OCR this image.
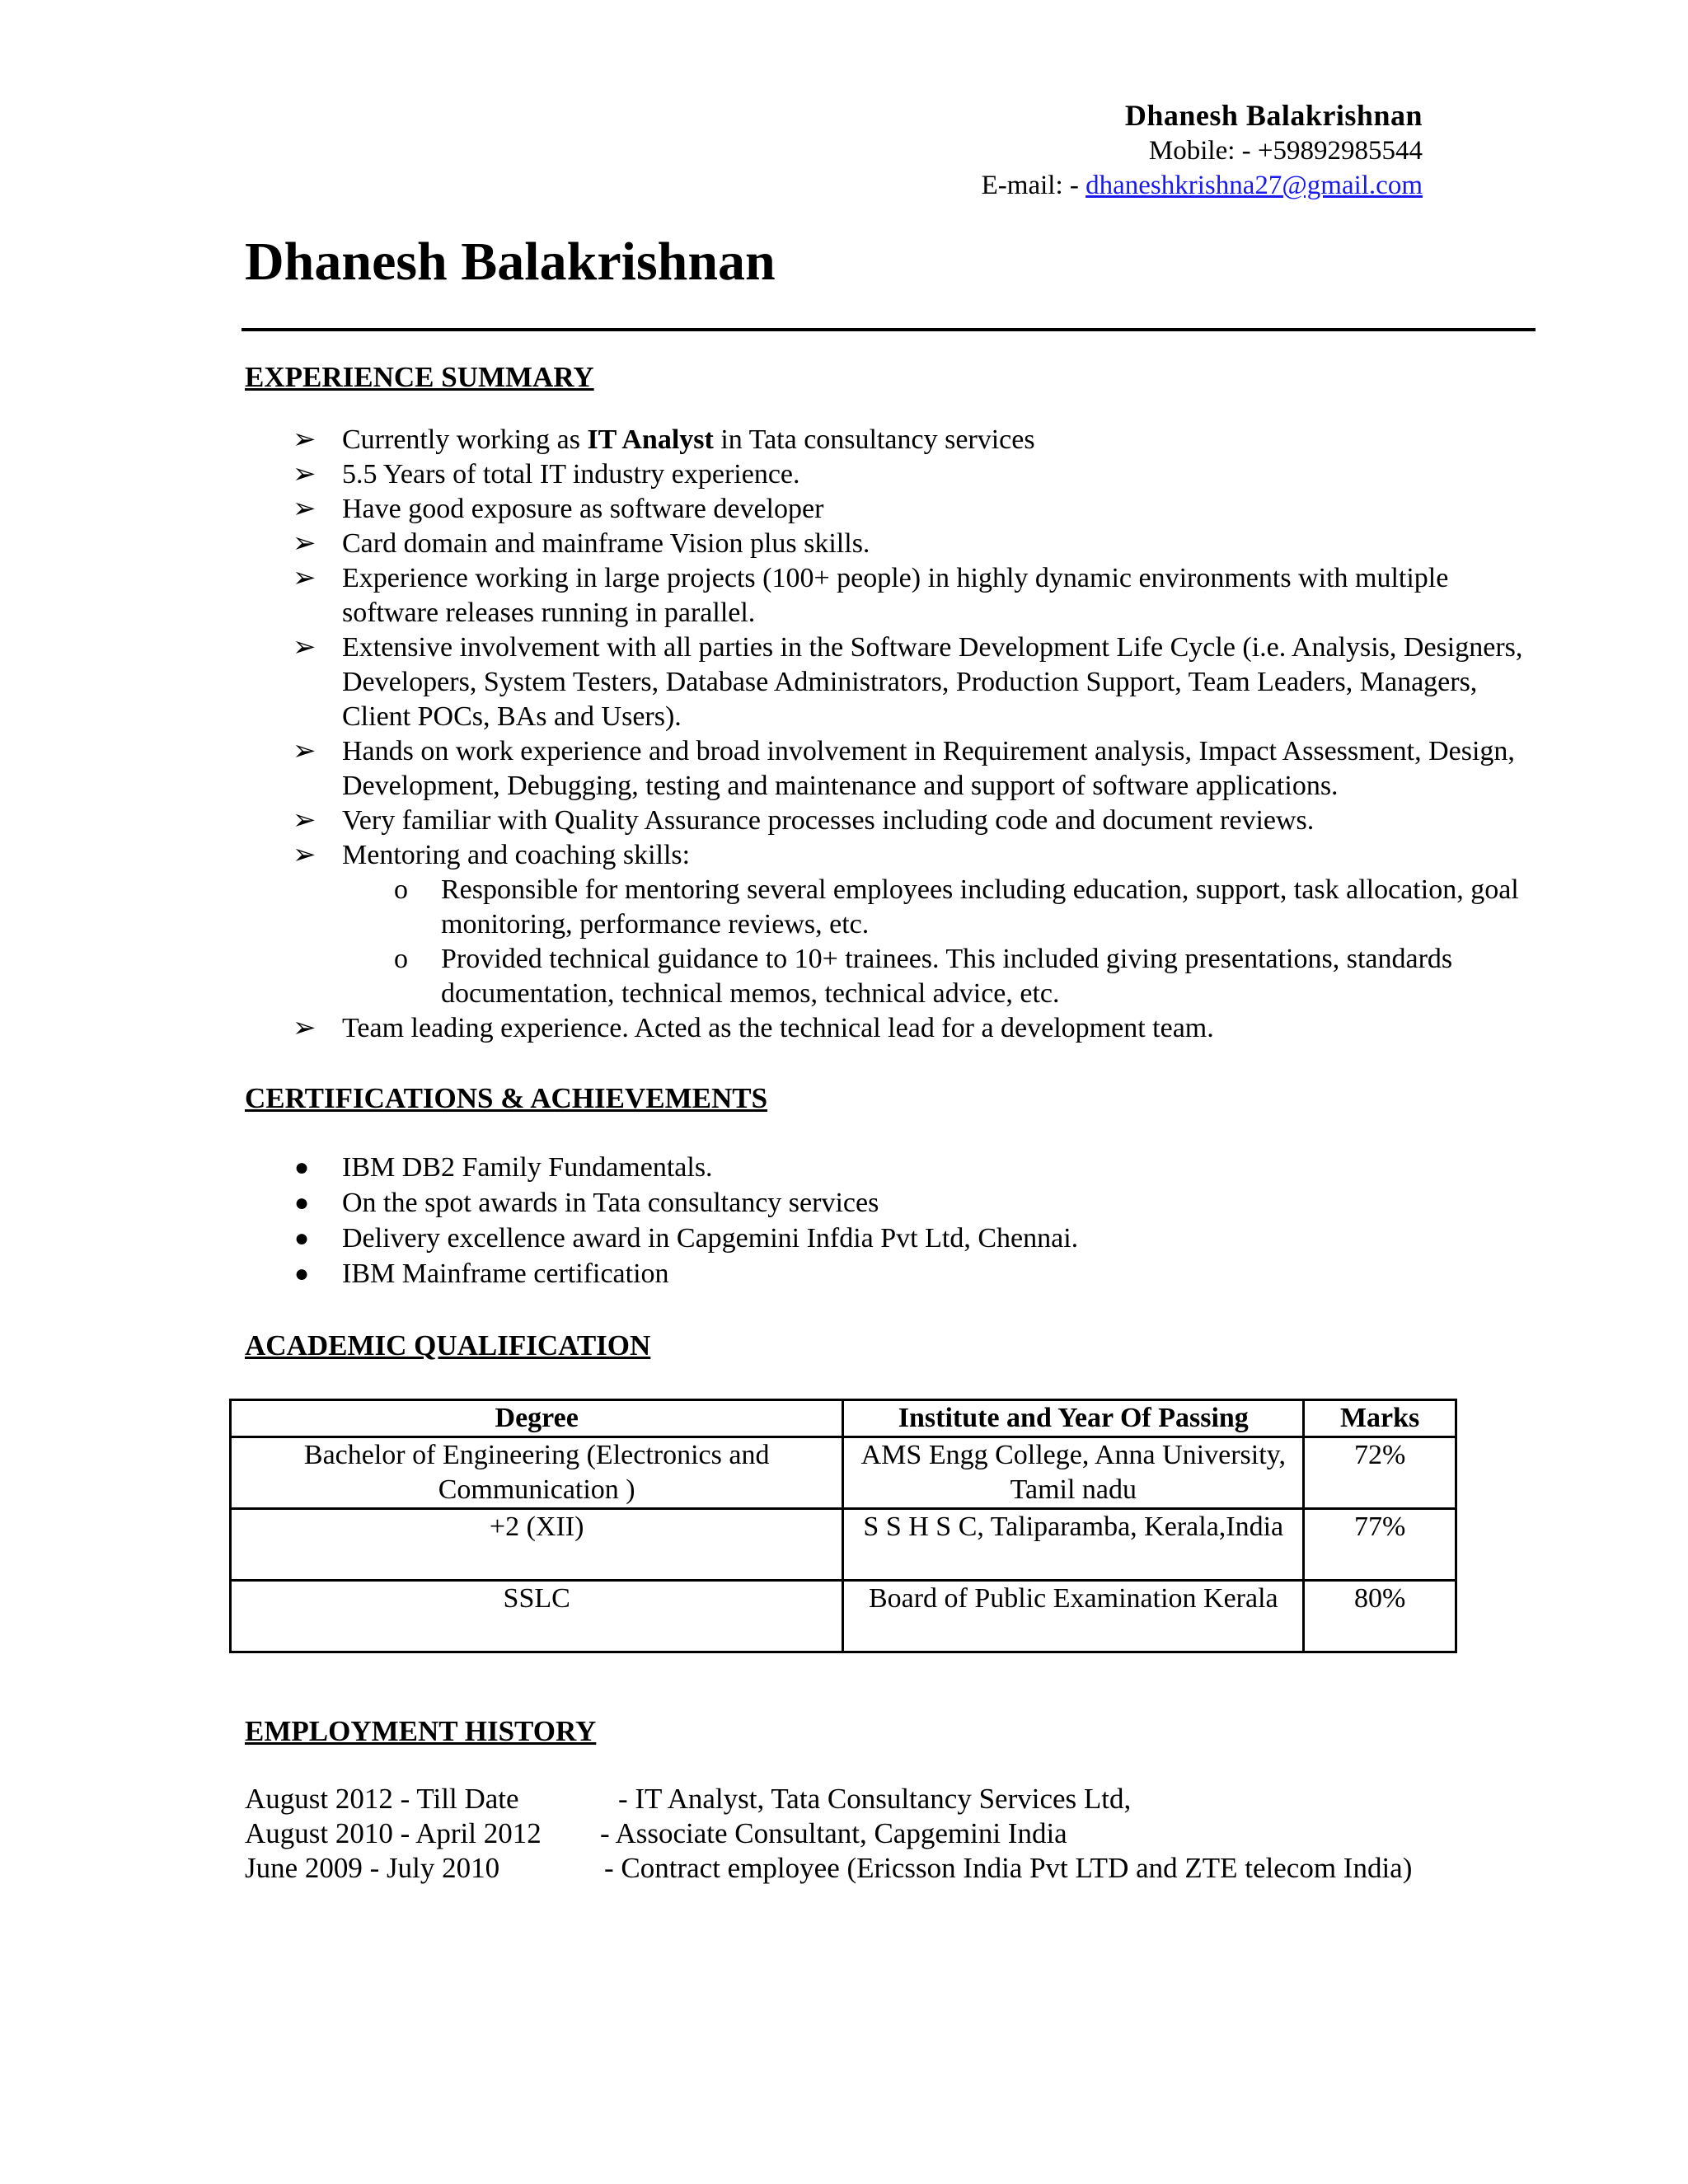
Dhanesh Balakrishnan
Mobile: - +59892985544
E-mail: - dhaneshkrishna27@gmail.com
Dhanesh Balakrishnan
EXPERIENCE SUMMARY
➢ Currently working as IT Analyst in Tata consultancy services
➢ 5.5 Years of total IT industry experience.
➢ Have good exposure as software developer
➢ Card domain and mainframe Vision plus skills.
➢ Experience working in large projects (100+ people) in highly dynamic environments with multiple software releases running in parallel.
➢ Extensive involvement with all parties in the Software Development Life Cycle (i.e. Analysis, Designers, Developers, System Testers, Database Administrators, Production Support, Team Leaders, Managers, Client POCs, BAs and Users).
➢ Hands on work experience and broad involvement in Requirement analysis, Impact Assessment, Design, Development, Debugging, testing and maintenance and support of software applications.
➢ Very familiar with Quality Assurance processes including code and document reviews.
➢ Mentoring and coaching skills:
o Responsible for mentoring several employees including education, support, task allocation, goal monitoring, performance reviews, etc.
o Provided technical guidance to 10+ trainees. This included giving presentations, standards documentation, technical memos, technical advice, etc.
➢ Team leading experience. Acted as the technical lead for a development team.
CERTIFICATIONS & ACHIEVEMENTS
● IBM DB2 Family Fundamentals.
● On the spot awards in Tata consultancy services
● Delivery excellence award in Capgemini Infdia Pvt Ltd, Chennai.
● IBM Mainframe certification
ACADEMIC QUALIFICATION
Degree	Institute and Year Of Passing	Marks
Bachelor of Engineering (Electronics and Communication )	AMS Engg College, Anna University, Tamil nadu	72%
+2 (XII)	S S H S C, Taliparamba, Kerala,India	77%
SSLC	Board of Public Examination Kerala	80%
EMPLOYMENT HISTORY
August 2012 - Till Date	- IT Analyst, Tata Consultancy Services Ltd,
August 2010 - April 2012 - Associate Consultant, Capgemini India
June 2009 - July 2010	- Contract employee (Ericsson India Pvt LTD and ZTE telecom India)
